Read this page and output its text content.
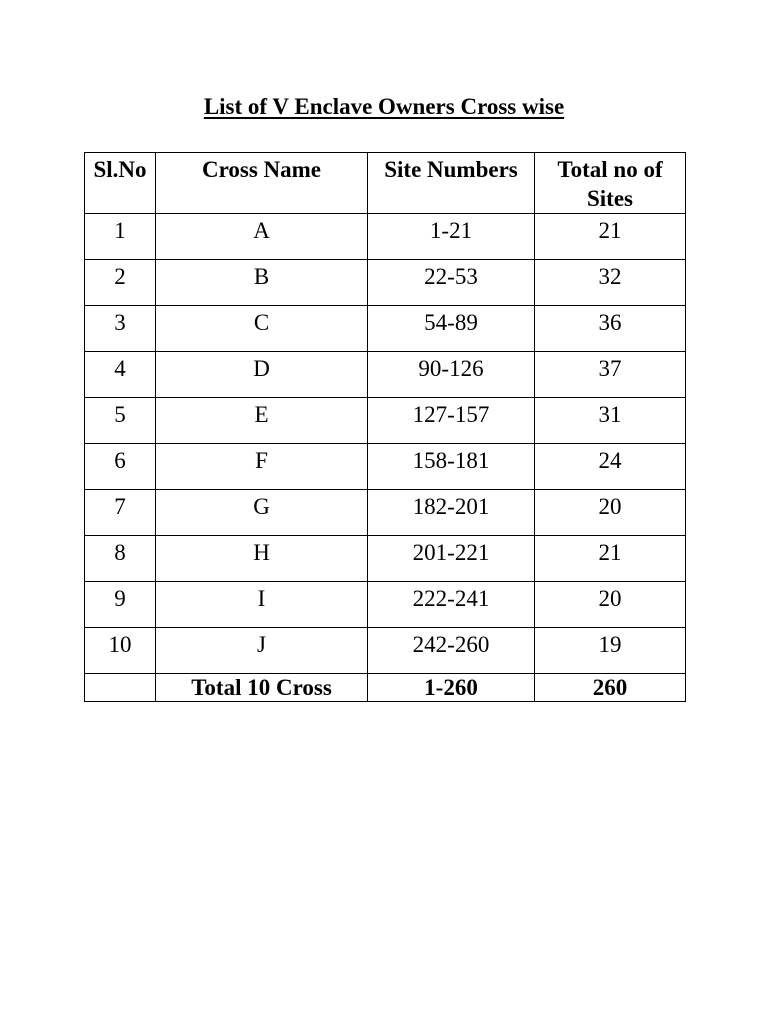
List of V Enclave Owners Cross wise
Sl.No	Cross Name	Site Numbers	Total no of Sites
1	A	1-21	21
2	B	22-53	32
3	C	54-89	36
4	D	90-126	37
5	E	127-157	31
6	F	158-181	24
7	G	182-201	20
8	H	201-221	21
9	I	222-241	20
10	J	242-260	19
	Total 10 Cross	1-260	260
